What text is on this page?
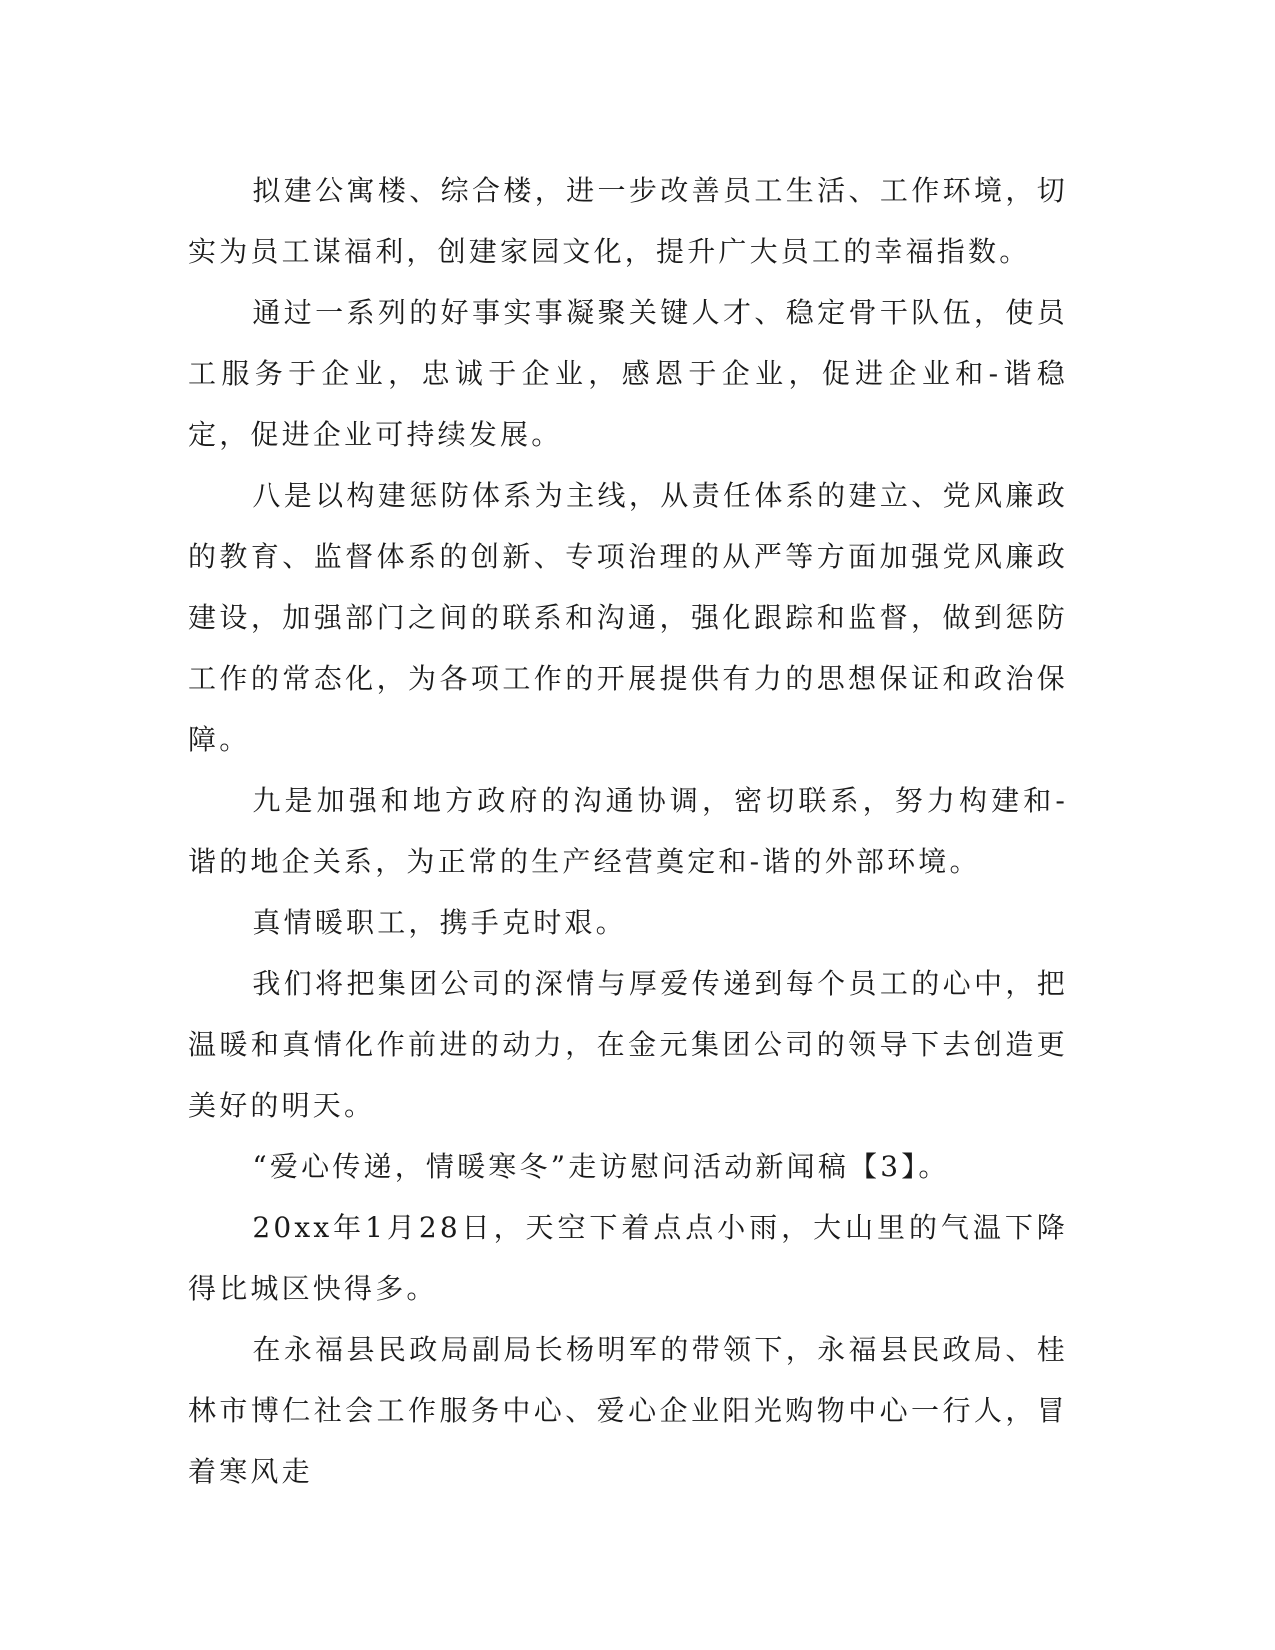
拟建公寓楼、综合楼，进一步改善员工生活、工作环境，切实为员工谋福利，创建家园文化，提升广大员工的幸福指数。

通过一系列的好事实事凝聚关键人才、稳定骨干队伍，使员工服务于企业，忠诚于企业，感恩于企业，促进企业和-谐稳定，促进企业可持续发展。

八是以构建惩防体系为主线，从责任体系的建立、党风廉政的教育、监督体系的创新、专项治理的从严等方面加强党风廉政建设，加强部门之间的联系和沟通，强化跟踪和监督，做到惩防工作的常态化，为各项工作的开展提供有力的思想保证和政治保障。

九是加强和地方政府的沟通协调，密切联系，努力构建和-谐的地企关系，为正常的生产经营奠定和-谐的外部环境。

真情暖职工，携手克时艰。

我们将把集团公司的深情与厚爱传递到每个员工的心中，把温暖和真情化作前进的动力，在金元集团公司的领导下去创造更美好的明天。

“爱心传递，情暖寒冬”走访慰问活动新闻稿【3】。

20xx年1月28日，天空下着点点小雨，大山里的气温下降得比城区快得多。

在永福县民政局副局长杨明军的带领下，永福县民政局、桂林市博仁社会工作服务中心、爱心企业阳光购物中心一行人，冒着寒风走
